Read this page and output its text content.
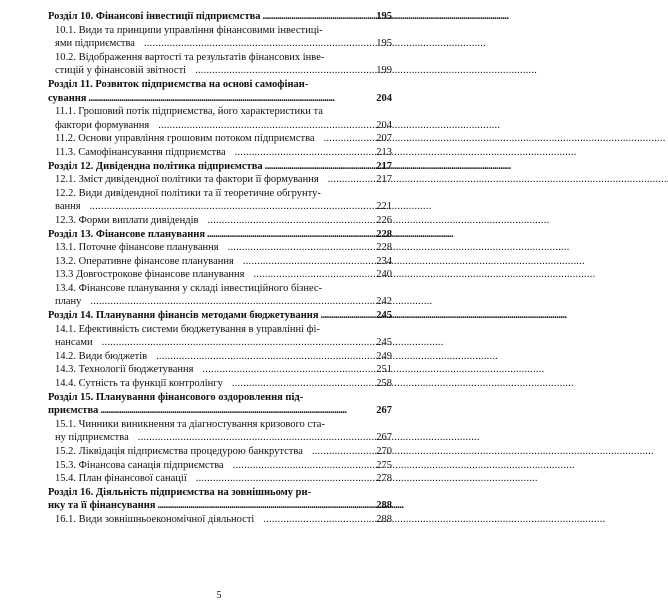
Розділ 10. Фінансові інвестиції підприємства . . .	195
10.1. Види та принципи управління фінансовими інвестиці-
ями підприємства . . .	195
10.2. Відображення вартості та результатів фінансових інве-
стицій у фінансовій звітності . . .	199
Розділ 11. Розвиток підприємства на основі самофінан-
сування . . .	204
11.1. Грошовий потік підприємства, його характеристики та
фактори формування . . .	204
11.2. Основи управління грошовим потоком підприємства . . .	207
11.3. Самофінансування підприємства . . .	213
Розділ 12. Дивідендна політика підприємства . . .	217
12.1. Зміст дивідендної політики та фактори її формування . . .	217
12.2. Види дивідендної політики та її теоретичне обгрунту-
вання . . .	221
12.3. Форми виплати дивідендів . . .	226
Розділ 13. Фінансове планування . . .	228
13.1. Поточне фінансове планування . . .	228
13.2. Оперативне фінансове планування . . .	234
13.3 Довгострокове фінансове планування . . .	240
13.4. Фінансове планування у складі інвестиційного бізнес-
плану . . .	242
Розділ 14. Планування фінансів методами бюджетування . . .	245
14.1. Ефективність системи бюджетування в управлінні фі-
нансами . . .	245
14.2. Види бюджетів . . .	249
14.3. Технології бюджетування . . .	251
14.4. Сутність та функції контролінгу . . .	258
Розділ 15. Планування фінансового оздоровлення під-
приємства . . .	267
15.1. Чинники виникнення та діагностування кризового ста-
ну підприємства . . .	267
15.2. Ліквідація підприємства процедурою банкрутства . . .	270
15.3. Фінансова санація підприємства . . .	275
15.4. План фінансової санації . . .	278
Розділ 16. Діяльність підприємства на зовнішньому ри-
нку та її фінансування . . .	288
16.1. Види зовнішньоекономічної діяльності . . .	288
5
